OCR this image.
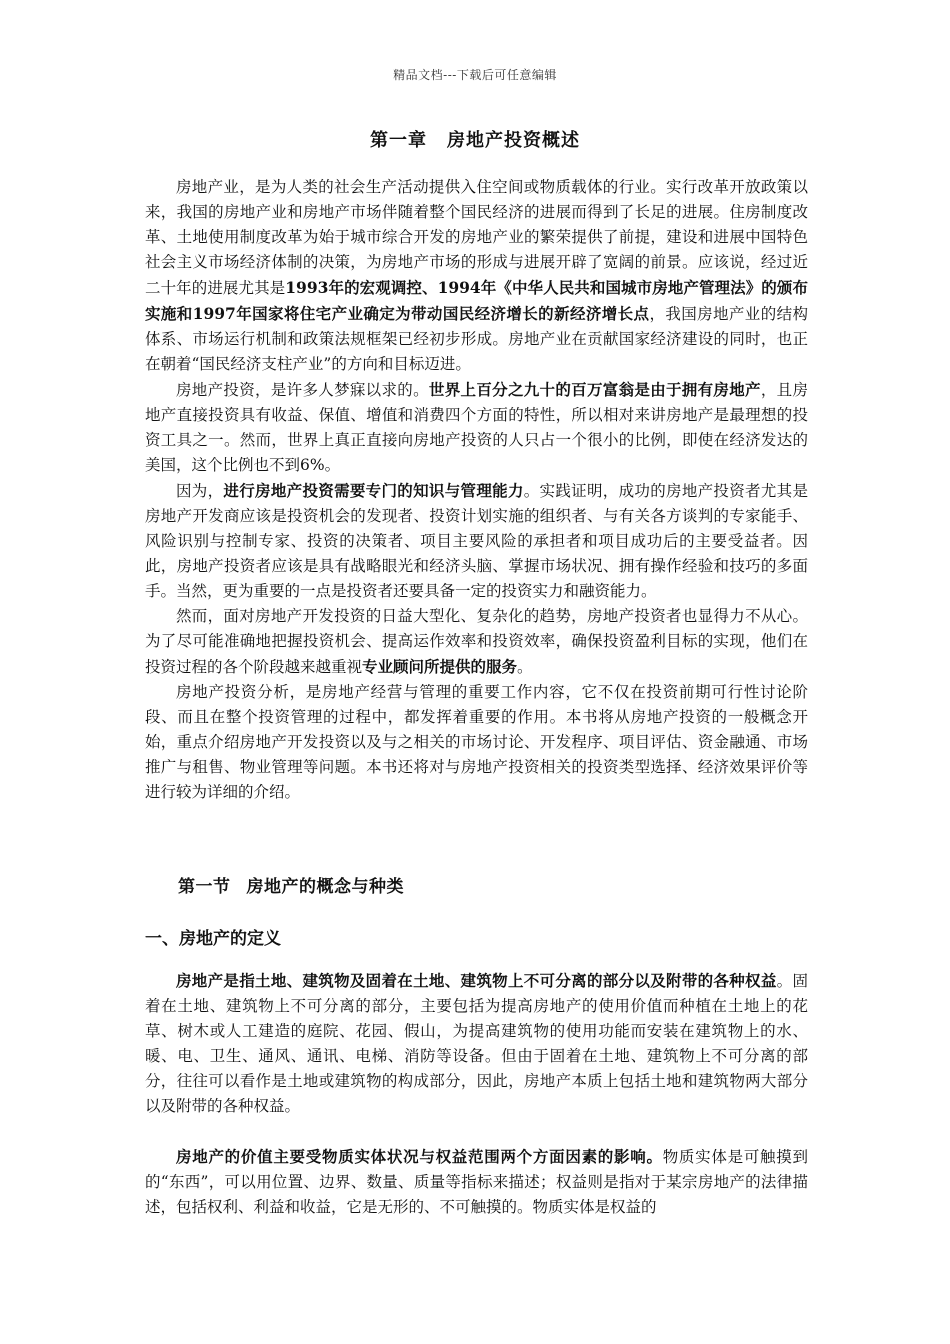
精品文档---下载后可任意编辑
第一章 房地产投资概述

房地产业，是为人类的社会生产活动提供入住空间或物质载体的行业。实行改革开放政策以来，我国的房地产业和房地产市场伴随着整个国民经济的进展而得到了长足的进展。住房制度改革、土地使用制度改革为始于城市综合开发的房地产业的繁荣提供了前提，建设和进展中国特色社会主义市场经济体制的决策，为房地产市场的形成与进展开辟了宽阔的前景。应该说，经过近二十年的进展尤其是1993年的宏观调控、1994年《中华人民共和国城市房地产管理法》的颁布实施和1997年国家将住宅产业确定为带动国民经济增长的新经济增长点，我国房地产业的结构体系、市场运行机制和政策法规框架已经初步形成。房地产业在贡献国家经济建设的同时，也正在朝着“国民经济支柱产业”的方向和目标迈进。

房地产投资，是许多人梦寐以求的。世界上百分之九十的百万富翁是由于拥有房地产，且房地产直接投资具有收益、保值、增值和消费四个方面的特性，所以相对来讲房地产是最理想的投资工具之一。然而，世界上真正直接向房地产投资的人只占一个很小的比例，即使在经济发达的美国，这个比例也不到6%。

因为，进行房地产投资需要专门的知识与管理能力。实践证明，成功的房地产投资者尤其是房地产开发商应该是投资机会的发现者、投资计划实施的组织者、与有关各方谈判的专家能手、风险识别与控制专家、投资的决策者、项目主要风险的承担者和项目成功后的主要受益者。因此，房地产投资者应该是具有战略眼光和经济头脑、掌握市场状况、拥有操作经验和技巧的多面手。当然，更为重要的一点是投资者还要具备一定的投资实力和融资能力。

然而，面对房地产开发投资的日益大型化、复杂化的趋势，房地产投资者也显得力不从心。为了尽可能准确地把握投资机会、提高运作效率和投资效率，确保投资盈利目标的实现，他们在投资过程的各个阶段越来越重视专业顾问所提供的服务。

房地产投资分析，是房地产经营与管理的重要工作内容，它不仅在投资前期可行性讨论阶段、而且在整个投资管理的过程中，都发挥着重要的作用。本书将从房地产投资的一般概念开始，重点介绍房地产开发投资以及与之相关的市场讨论、开发程序、项目评估、资金融通、市场推广与租售、物业管理等问题。本书还将对与房地产投资相关的投资类型选择、经济效果评价等进行较为详细的介绍。

第一节 房地产的概念与种类
一、房地产的定义

房地产是指土地、建筑物及固着在土地、建筑物上不可分离的部分以及附带的各种权益。固着在土地、建筑物上不可分离的部分，主要包括为提高房地产的使用价值而种植在土地上的花草、树木或人工建造的庭院、花园、假山，为提高建筑物的使用功能而安装在建筑物上的水、暖、电、卫生、通风、通讯、电梯、消防等设备。但由于固着在土地、建筑物上不可分离的部分，往往可以看作是土地或建筑物的构成部分，因此，房地产本质上包括土地和建筑物两大部分以及附带的各种权益。

房地产的价值主要受物质实体状况与权益范围两个方面因素的影响。物质实体是可触摸到的“东西”，可以用位置、边界、数量、质量等指标来描述；权益则是指对于某宗房地产的法律描述，包括权利、利益和收益，它是无形的、不可触摸的。物质实体是权益的
